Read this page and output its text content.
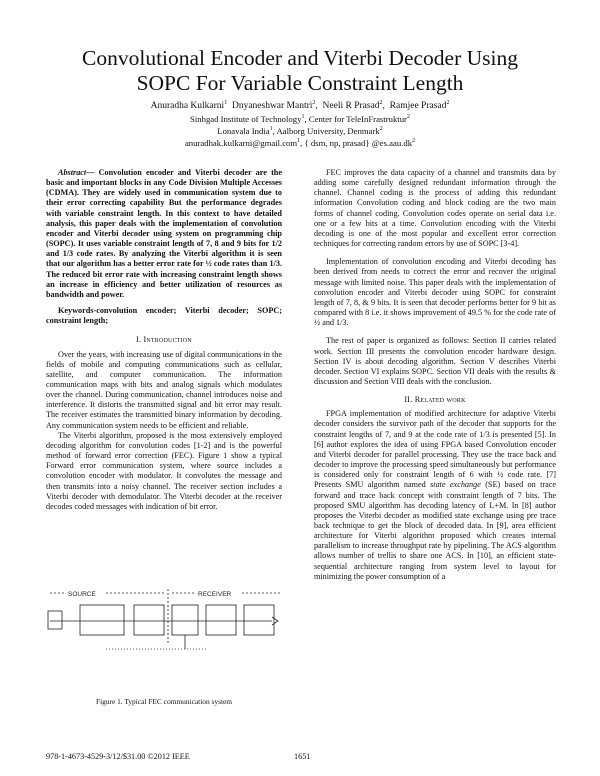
Convolutional Encoder and Viterbi Decoder Using
SOPC For Variable Constraint Length
Anuradha Kulkarni$^1$ Dnyaneshwar Mantri$^2$,  Neeli R Prasad$^2$,  Ramjee Prasad$^2$
Sinhgad Institute of Technology$^1$, Center for TeleInFrastruktur$^2$
Lonavala India$^1$, Aalborg University, Denmark$^2$
anuradhak.kulkarni@gmail.com$^1$, { dsm, np, prasad} $@es.aau.dk^2$

Abstract— Convolution encoder and Viterbi decoder are the basic and important blocks in any Code Division Multiple Accesses (CDMA). They are widely used in communication system due to their error correcting capability But the performance degrades with variable constraint length. In this context to have detailed analysis, this paper deals with the implementation of convolution encoder and Viterbi decoder using system on programming chip (SOPC). It uses variable constraint length of 7, 8 and 9 bits for 1/2 and 1/3 code rates. By analyzing the Viterbi algorithm it is seen that our algorithm has a better error rate for ½ code rates than 1/3. The reduced bit error rate with increasing constraint length shows an increase in efficiency and better utilization of resources as bandwidth and power.

Keywords-convolution encoder; Viterbi decoder; SOPC; constraint length;

I. Introduction

Over the years, with increasing use of digital communications in the fields of mobile and computing communications such as cellular, satellite, and computer communication. The information communication maps with bits and analog signals which modulates over the channel. During communication, channel introduces noise and interference. It distorts the transmitted signal and bit error may result. The receiver estimates the transmitted binary information by decoding. Any communication system needs to be efficient and reliable.

The Viterbi algorithm, proposed is the most extensively employed decoding algorithm for convolution codes [1-2] and is the powerful method of forward error correction (FEC). Figure 1 show a typical Forward error communication system, where source includes a convolution encoder with modulator. It convolutes the message and then transmits into a noisy channel. The receiver section includes a Viterbi decoder with demodulator. The Viterbi decoder at the receiver decodes coded messages with indication of bit error.

SOURCE	RECEIVER
Figure 1. Typical FEC communication system

FEC improves the data capacity of a channel and transmits data by adding some carefully designed redundant information through the channel. Channel coding is the process of adding this redundant information Convolution coding and block coding are the two main forms of channel coding. Convolution codes operate on serial data i.e. one or a few bits at a time. Convolution encoding with the Viterbi decoding is one of the most popular and excellent error correction techniques for correcting random errors by use of SOPC [3-4].

Implementation of convolution encoding and Viterbi decoding has been derived from needs to correct the error and recover the original message with limited noise. This paper deals with the implementation of convolution encoder and Viterbi decoder using SOPC for constraint length of 7, 8, & 9 bits. It is seen that decoder performs better for 9 bit as compared with 8 i.e. it shows improvement of 49.5 % for the code rate of ½ and 1/3.

The rest of paper is organized as follows: Section II carries related work. Section III presents the convolution encoder hardware design. Section IV is about decoding algorithm. Section V describes Viterbi decoder. Section VI explains SOPC. Section VII deals with the results & discussion and Section VIII deals with the conclusion.

II. Related work

FPGA implementation of modified architecture for adaptive Viterbi decoder considers the survivor path of the decoder that supports for the constraint lengths of 7, and 9 at the code rate of 1/3 is presented [5]. In [6] author explores the idea of using FPGA based Convolution encoder and Viterbi decoder for parallel processing. They use the trace back and decoder to improve the processing speed simultaneously but performance is considered only for constraint length of 6 with ½ code rate. [7] Presents SMU algorithm named state exchange (SE) based on trace forward and trace back concept with constraint length of 7 bits. The proposed SMU algorithm has decoding latency of L+M. In [8] author proposes the Viterbi decoder as modified state exchange using pre trace back technique to get the block of decoded data. In [9], area efficient architecture for Viterbi algorithm proposed which creates internal parallelism to increase throughput rate by pipelining. The ACS algorithm allows number of trellis to share one ACS. In [10], an efficient state-sequential architecture ranging from system level to layout for minimizing the power consumption of a

978-1-4673-4529-3/12/$31.00 ©2012 IEEE	1651
